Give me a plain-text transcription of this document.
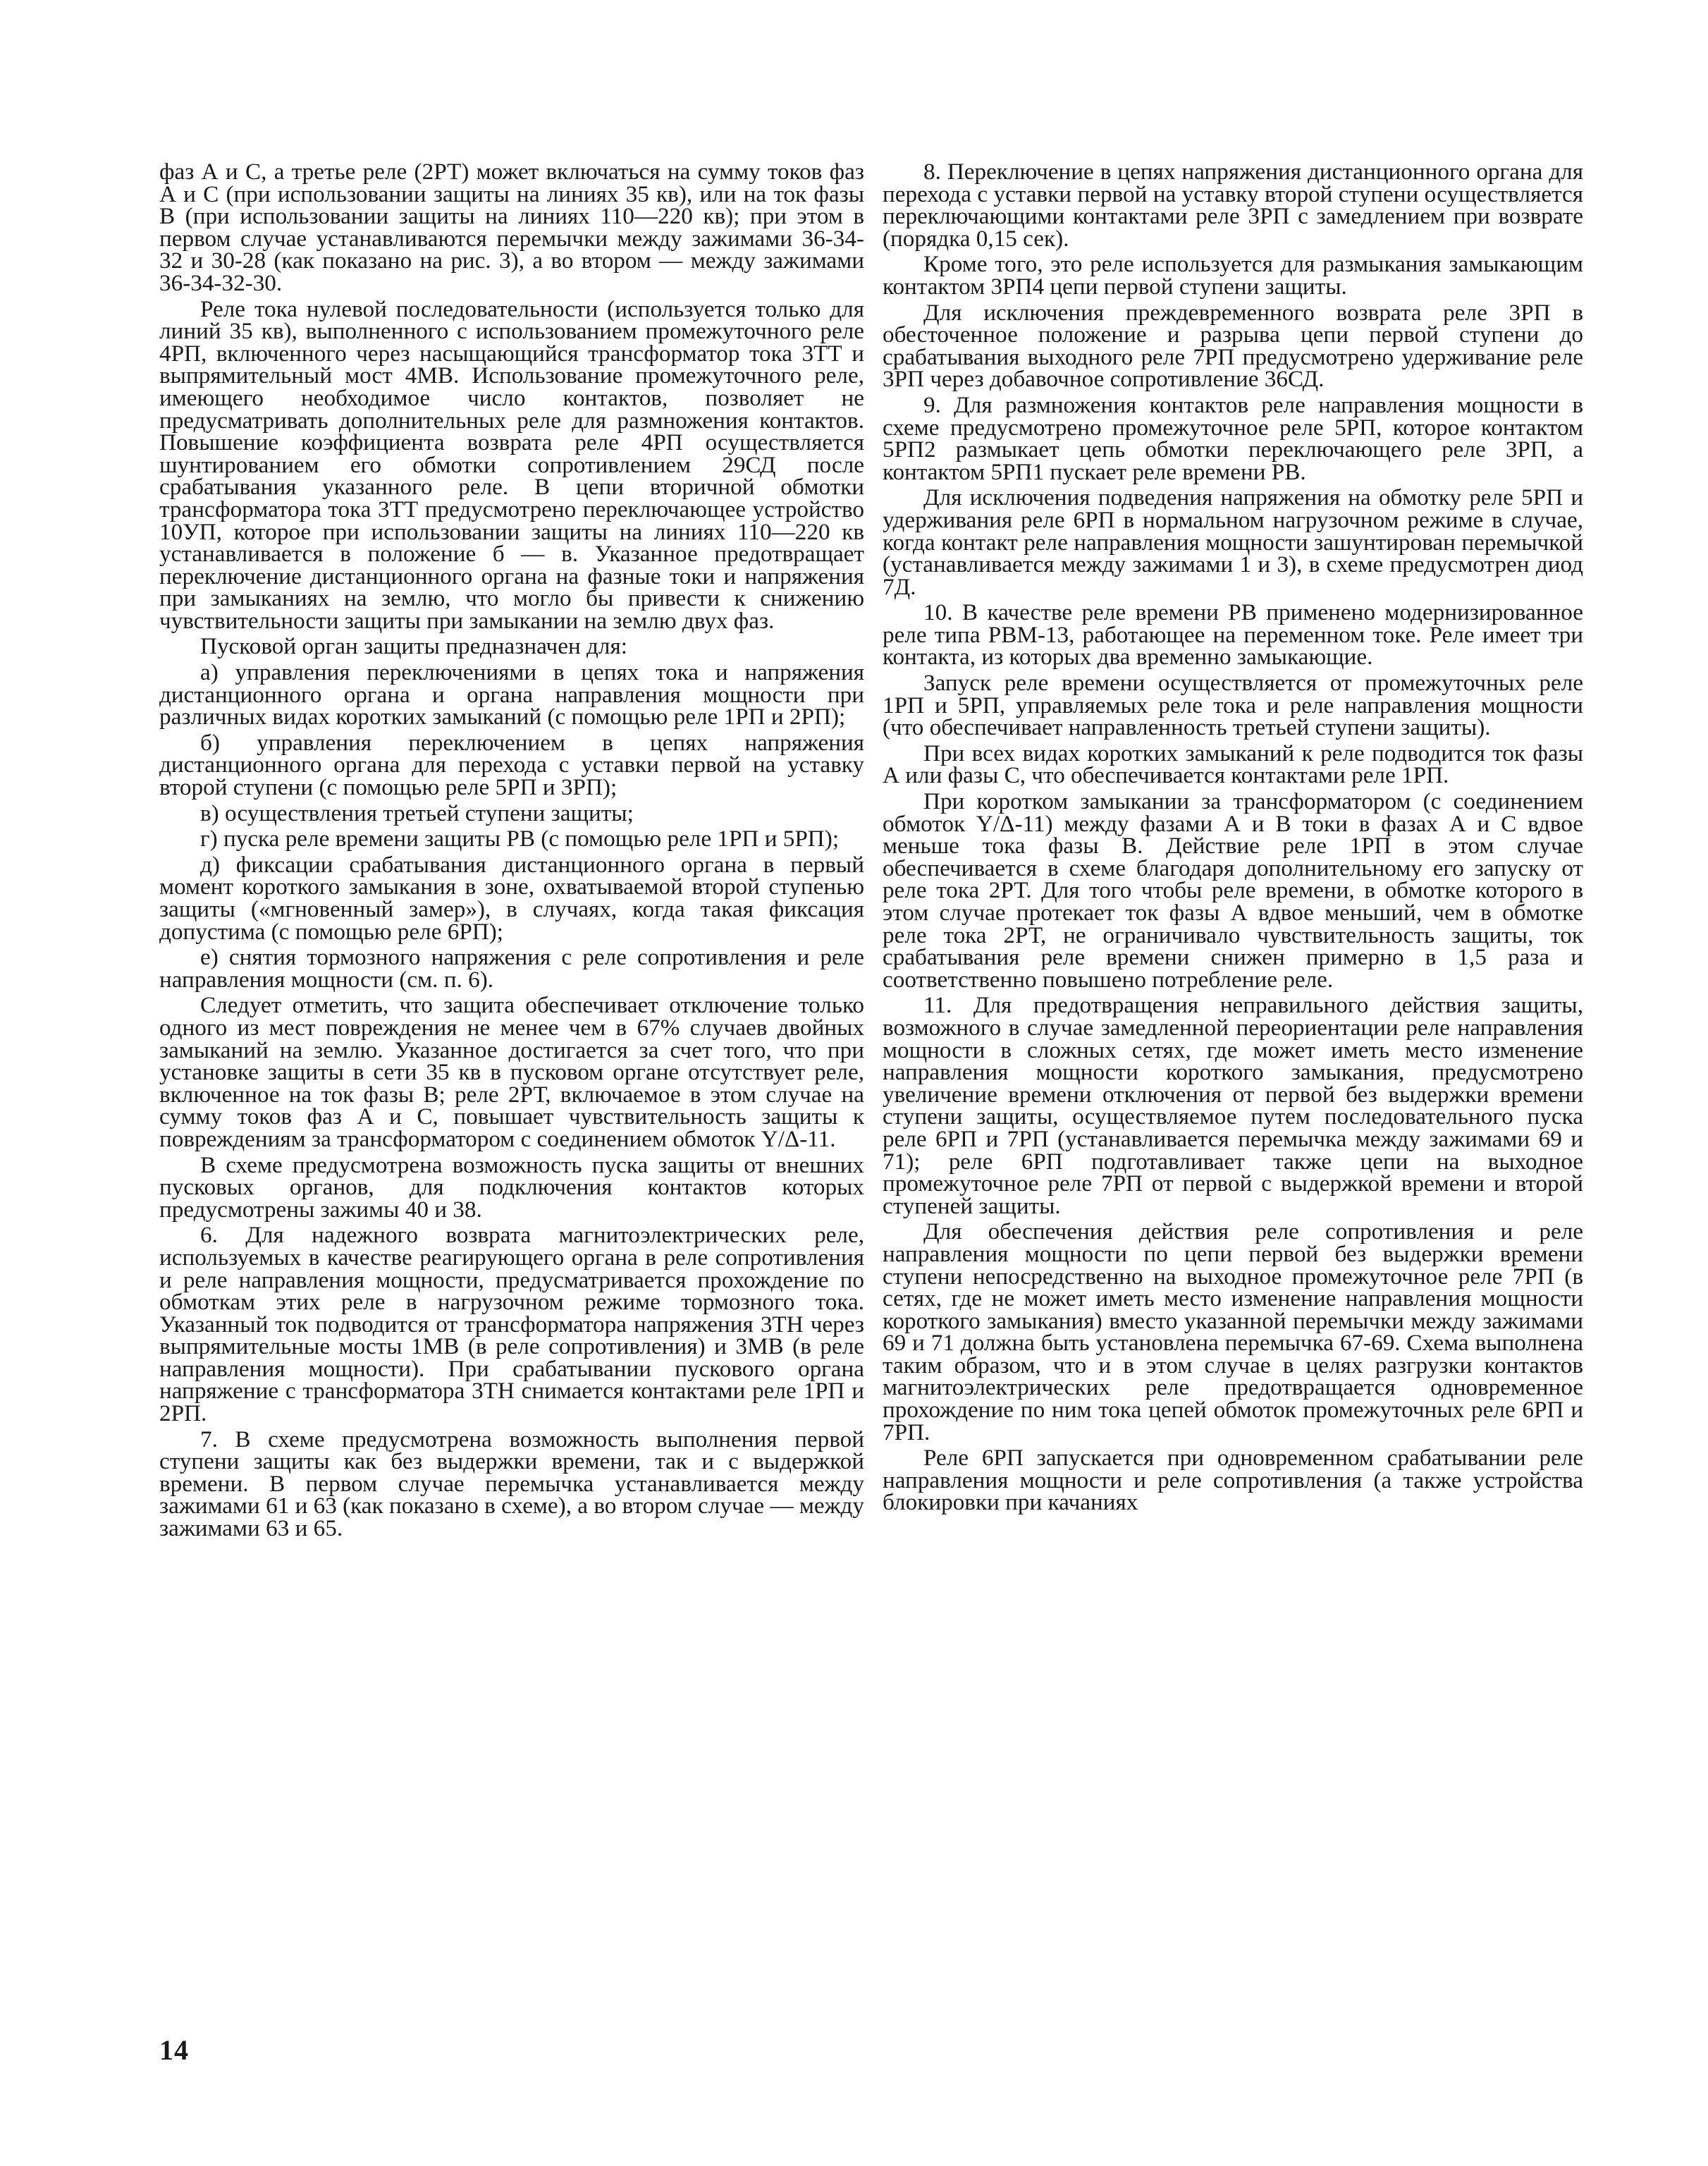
фаз А и С, а третье реле (2РТ) может включаться на сумму токов фаз А и С (при использовании защиты на линиях 35 кв), или на ток фазы В (при использовании защиты на линиях 110—220 кв); при этом в первом случае устанавливаются перемычки между зажимами 36-34-32 и 30-28 (как показано на рис. 3), а во втором — между зажимами 36-34-32-30.

Реле тока нулевой последовательности (используется только для линий 35 кв), выполненного с использованием промежуточного реле 4РП, включенного через насыщающийся трансформатор тока 3ТТ и выпрямительный мост 4МВ. Использование промежуточного реле, имеющего необходимое число контактов, позволяет не предусматривать дополнительных реле для размножения контактов. Повышение коэффициента возврата реле 4РП осуществляется шунтированием его обмотки сопротивлением 29СД после срабатывания указанного реле. В цепи вторичной обмотки трансформатора тока 3ТТ предусмотрено переключающее устройство 10УП, которое при использовании защиты на линиях 110—220 кв устанавливается в положение б — в. Указанное предотвращает переключение дистанционного органа на фазные токи и напряжения при замыканиях на землю, что могло бы привести к снижению чувствительности защиты при замыкании на землю двух фаз.

Пусковой орган защиты предназначен для:

а) управления переключениями в цепях тока и напряжения дистанционного органа и органа направления мощности при различных видах коротких замыканий (с помощью реле 1РП и 2РП);

б) управления переключением в цепях напряжения дистанционного органа для перехода с уставки первой на уставку второй ступени (с помощью реле 5РП и 3РП);

в) осуществления третьей ступени защиты;

г) пуска реле времени защиты РВ (с помощью реле 1РП и 5РП);

д) фиксации срабатывания дистанционного органа в первый момент короткого замыкания в зоне, охватываемой второй ступенью защиты («мгновенный замер»), в случаях, когда такая фиксация допустима (с помощью реле 6РП);

е) снятия тормозного напряжения с реле сопротивления и реле направления мощности (см. п. 6).

Следует отметить, что защита обеспечивает отключение только одного из мест повреждения не менее чем в 67% случаев двойных замыканий на землю. Указанное достигается за счет того, что при установке защиты в сети 35 кв в пусковом органе отсутствует реле, включенное на ток фазы В; реле 2РТ, включаемое в этом случае на сумму токов фаз А и С, повышает чувствительность защиты к повреждениям за трансформатором с соединением обмоток Y/Δ-11.

В схеме предусмотрена возможность пуска защиты от внешних пусковых органов, для подключения контактов которых предусмотрены зажимы 40 и 38.

6. Для надежного возврата магнитоэлектрических реле, используемых в качестве реагирующего органа в реле сопротивления и реле направления мощности, предусматривается прохождение по обмоткам этих реле в нагрузочном режиме тормозного тока. Указанный ток подводится от трансформатора напряжения 3ТН через выпрямительные мосты 1МВ (в реле сопротивления) и 3МВ (в реле направления мощности). При срабатывании пускового органа напряжение с трансформатора 3ТН снимается контактами реле 1РП и 2РП.

7. В схеме предусмотрена возможность выполнения первой ступени защиты как без выдержки времени, так и с выдержкой времени. В первом случае перемычка устанавливается между зажимами 61 и 63 (как показано в схеме), а во втором случае — между зажимами 63 и 65.

8. Переключение в цепях напряжения дистанционного органа для перехода с уставки первой на уставку второй ступени осуществляется переключающими контактами реле 3РП с замедлением при возврате (порядка 0,15 сек).

Кроме того, это реле используется для размыкания замыкающим контактом 3РП4 цепи первой ступени защиты.

Для исключения преждевременного возврата реле 3РП в обесточенное положение и разрыва цепи первой ступени до срабатывания выходного реле 7РП предусмотрено удерживание реле 3РП через добавочное сопротивление 36СД.

9. Для размножения контактов реле направления мощности в схеме предусмотрено промежуточное реле 5РП, которое контактом 5РП2 размыкает цепь обмотки переключающего реле 3РП, а контактом 5РП1 пускает реле времени РВ.

Для исключения подведения напряжения на обмотку реле 5РП и удерживания реле 6РП в нормальном нагрузочном режиме в случае, когда контакт реле направления мощности зашунтирован перемычкой (устанавливается между зажимами 1 и 3), в схеме предусмотрен диод 7Д.

10. В качестве реле времени РВ применено модернизированное реле типа РВМ-13, работающее на переменном токе. Реле имеет три контакта, из которых два временно замыкающие.

Запуск реле времени осуществляется от промежуточных реле 1РП и 5РП, управляемых реле тока и реле направления мощности (что обеспечивает направленность третьей ступени защиты).

При всех видах коротких замыканий к реле подводится ток фазы А или фазы С, что обеспечивается контактами реле 1РП.

При коротком замыкании за трансформатором (с соединением обмоток Y/Δ-11) между фазами А и В токи в фазах А и С вдвое меньше тока фазы В. Действие реле 1РП в этом случае обеспечивается в схеме благодаря дополнительному его запуску от реле тока 2РТ. Для того чтобы реле времени, в обмотке которого в этом случае протекает ток фазы А вдвое меньший, чем в обмотке реле тока 2РТ, не ограничивало чувствительность защиты, ток срабатывания реле времени снижен примерно в 1,5 раза и соответственно повышено потребление реле.

11. Для предотвращения неправильного действия защиты, возможного в случае замедленной переориентации реле направления мощности в сложных сетях, где может иметь место изменение направления мощности короткого замыкания, предусмотрено увеличение времени отключения от первой без выдержки времени ступени защиты, осуществляемое путем последовательного пуска реле 6РП и 7РП (устанавливается перемычка между зажимами 69 и 71); реле 6РП подготавливает также цепи на выходное промежуточное реле 7РП от первой с выдержкой времени и второй ступеней защиты.

Для обеспечения действия реле сопротивления и реле направления мощности по цепи первой без выдержки времени ступени непосредственно на выходное промежуточное реле 7РП (в сетях, где не может иметь место изменение направления мощности короткого замыкания) вместо указанной перемычки между зажимами 69 и 71 должна быть установлена перемычка 67-69. Схема выполнена таким образом, что и в этом случае в целях разгрузки контактов магнитоэлектрических реле предотвращается одновременное прохождение по ним тока цепей обмоток промежуточных реле 6РП и 7РП.

Реле 6РП запускается при одновременном срабатывании реле направления мощности и реле сопротивления (а также устройства блокировки при качаниях

14
